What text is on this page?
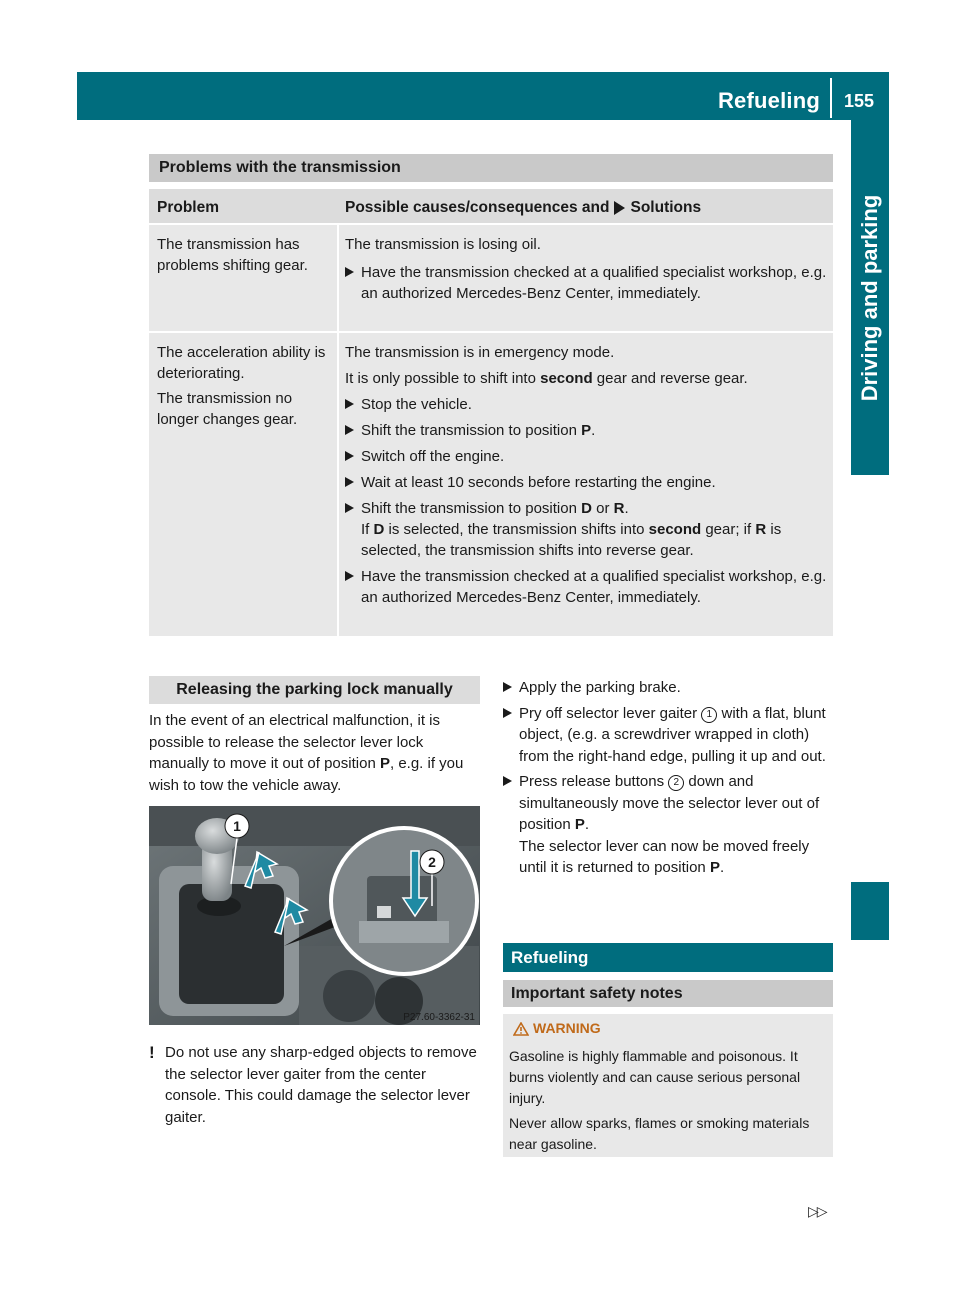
Refueling 155
Driving and parking
Problems with the transmission
Problem	Possible causes/consequences and Solutions
The transmission has problems shifting gear.

The transmission is losing oil.

Have the transmission checked at a qualified specialist workshop, e.g. an authorized Mercedes-Benz Center, immediately.

The acceleration ability is deteriorating.

The transmission no longer changes gear.

The transmission is in emergency mode.

It is only possible to shift into second gear and reverse gear.

Stop the vehicle.
Shift the transmission to position P.
Switch off the engine.
Wait at least 10 seconds before restarting the engine.
Shift the transmission to position D or R.
If D is selected, the transmission shifts into second gear; if R is selected, the transmission shifts into reverse gear.
Have the transmission checked at a qualified specialist workshop, e.g. an authorized Mercedes-Benz Center, immediately.
Releasing the parking lock manually
In the event of an electrical malfunction, it is possible to release the selector lever lock manually to move it out of position P, e.g. if you wish to tow the vehicle away.
1
2
P27.60-3362-31
! Do not use any sharp-edged objects to remove the selector lever gaiter from the center console. This could damage the selector lever gaiter.
Apply the parking brake.
Pry off selector lever gaiter 1 with a flat, blunt object, (e.g. a screwdriver wrapped in cloth) from the right-hand edge, pulling it up and out.
Press release buttons 2 down and simultaneously move the selector lever out of position P.
The selector lever can now be moved freely until it is returned to position P.
Refueling
Important safety notes
WARNING

Gasoline is highly flammable and poisonous. It burns violently and can cause serious personal injury.

Never allow sparks, flames or smoking materials near gasoline.

▷▷
